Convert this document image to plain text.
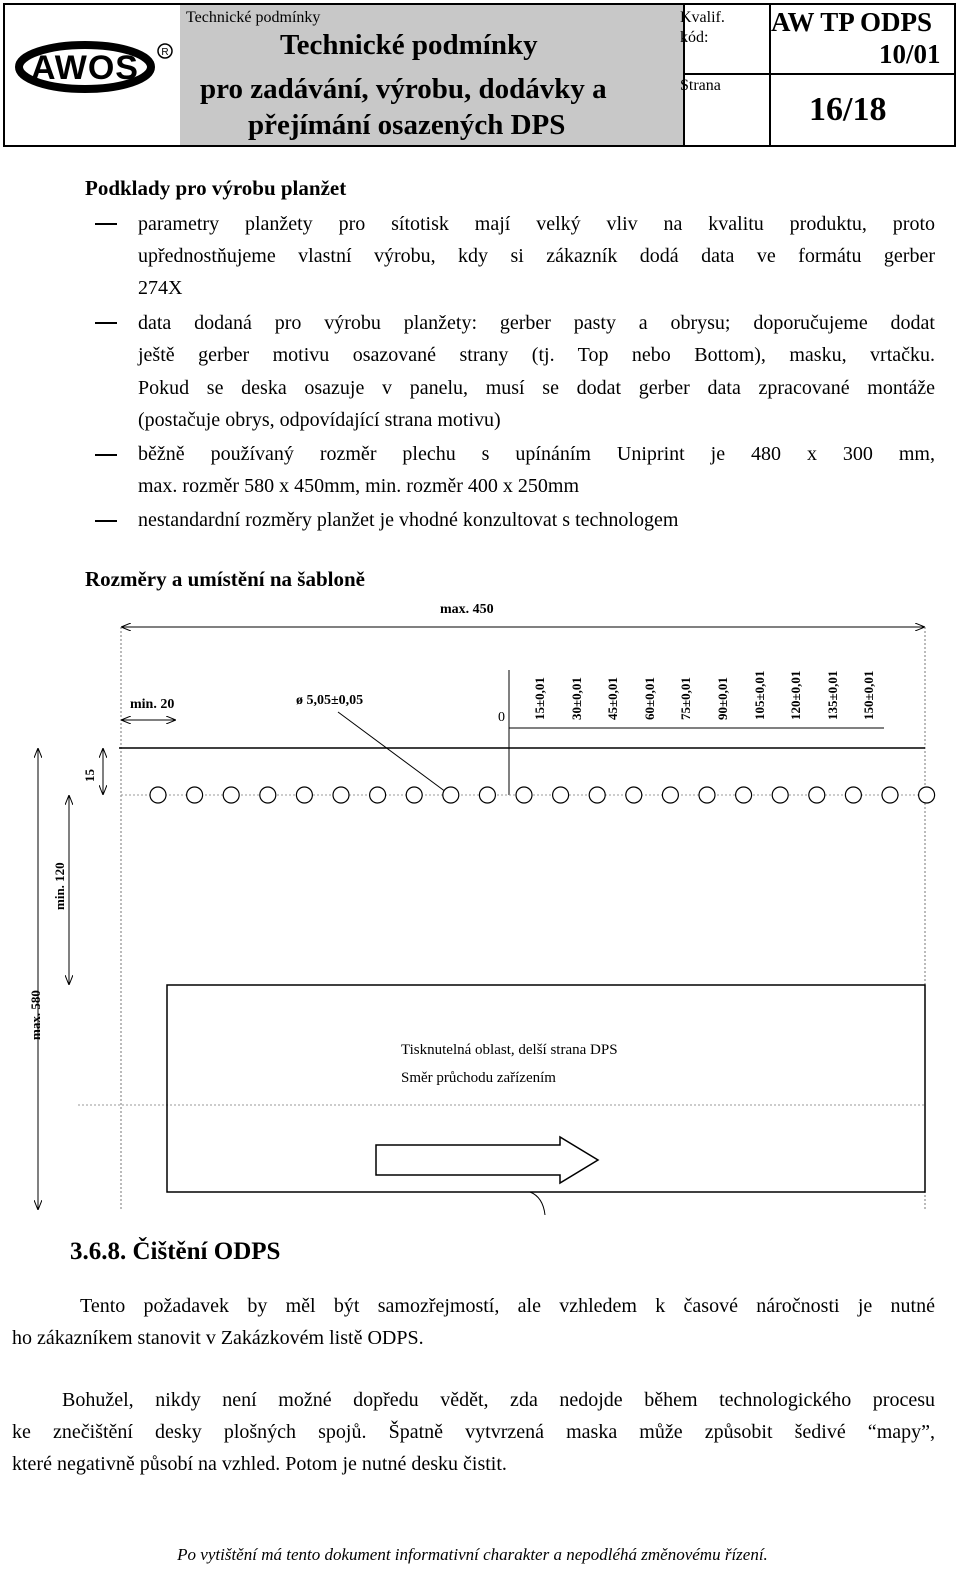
AWOS R
Technické podmínky
Technické podmínky
pro zadávání, výrobu, dodávky a
přejímání osazených DPS
Kvalif.
kód:
AW TP ODPS
10/01
Strana
16/18
Podklady pro výrobu planžet
parametry planžety pro sítotisk mají velký vliv na kvalitu produktu, proto
upřednostňujeme vlastní výrobu, kdy si zákazník dodá data ve formátu gerber
274X
data dodaná pro výrobu planžety: gerber pasty a obrysu; doporučujeme dodat
ještě gerber motivu osazované strany (tj. Top nebo Bottom), masku, vrtačku.
Pokud se deska osazuje v panelu, musí se dodat gerber data zpracované montáže
(postačuje obrys, odpovídající strana motivu)
běžně používaný rozměr plechu s upínáním Uniprint je 480 x 300 mm,
max. rozměr 580 x 450mm, min. rozměr 400 x 250mm
nestandardní rozměry planžet je vhodné konzultovat s technologem
Rozměry a umístění na šabloně
max. 450
min. 20	ø 5,05±0,05
0 15±0,01 30±0,01 45±0,01 60±0,01 75±0,01 90±0,01 105±0,01 120±0,01 135±0,01 150±0,01
15
min. 120
max. 580
Tisknutelná oblast, delší strana DPS
Směr průchodu zařízením
3.6.8. Čištění ODPS
Tento požadavek by měl být samozřejmostí, ale vzhledem k časové náročnosti je nutné
ho zákazníkem stanovit v Zakázkovém listě ODPS.
Bohužel, nikdy není možné dopředu vědět, zda nedojde během technologického procesu
ke znečištění desky plošných spojů. Špatně vytvrzená maska může způsobit šedivé “mapy”,
které negativně působí na vzhled. Potom je nutné desku čistit.
Po vytištění má tento dokument informativní charakter a nepodléhá změnovému řízení.
